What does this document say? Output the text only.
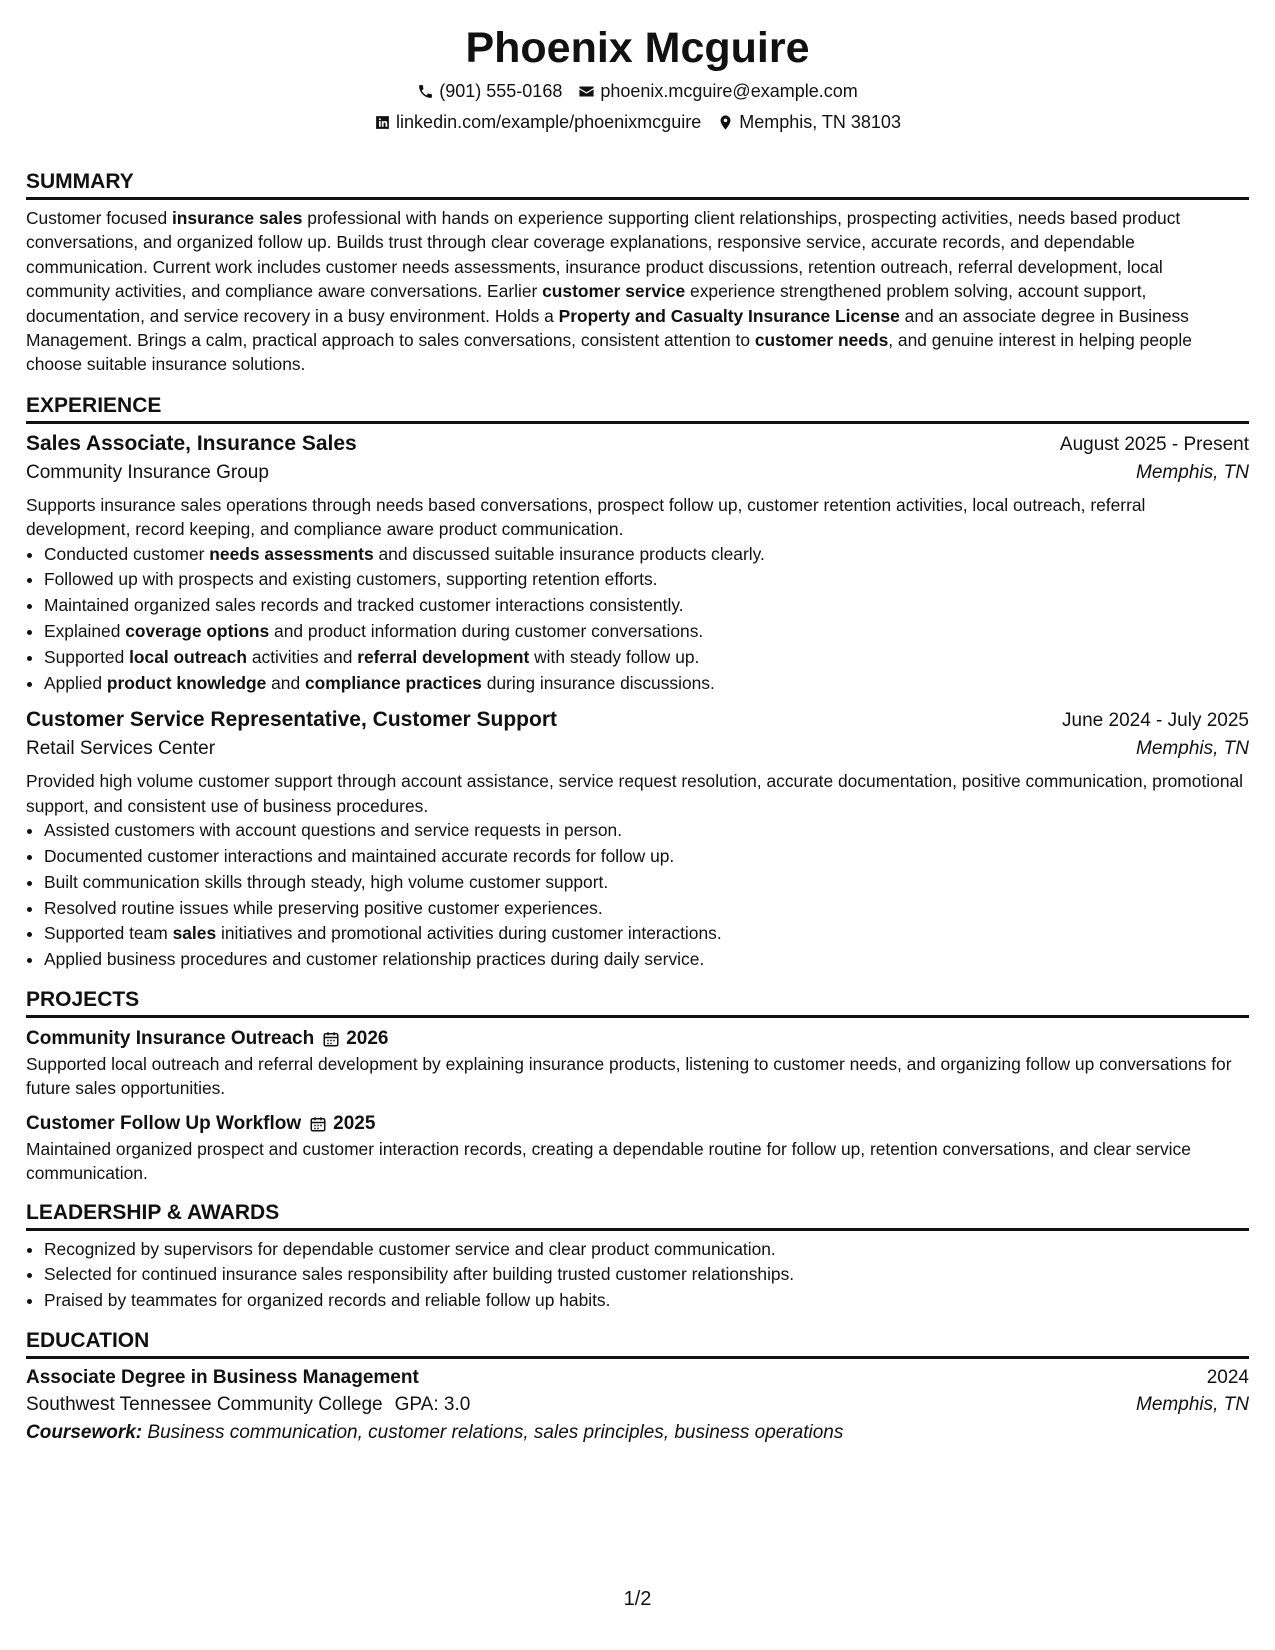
Phoenix Mcguire
(901) 555-0168 phoenix.mcguire@example.com
linkedin.com/example/phoenixmcguire Memphis, TN 38103
SUMMARY

Customer focused insurance sales professional with hands on experience supporting client relationships, prospecting activities, needs based product conversations, and organized follow up. Builds trust through clear coverage explanations, responsive service, accurate records, and dependable communication. Current work includes customer needs assessments, insurance product discussions, retention outreach, referral development, local community activities, and compliance aware conversations. Earlier customer service experience strengthened problem solving, account support, documentation, and service recovery in a busy environment. Holds a Property and Casualty Insurance License and an associate degree in Business Management. Brings a calm, practical approach to sales conversations, consistent attention to customer needs, and genuine interest in helping people choose suitable insurance solutions.

EXPERIENCE
Sales Associate, Insurance Sales	August 2025 - Present
Community Insurance Group	Memphis, TN

Supports insurance sales operations through needs based conversations, prospect follow up, customer retention activities, local outreach, referral development, record keeping, and compliance aware product communication.

• Conducted customer needs assessments and discussed suitable insurance products clearly.
• Followed up with prospects and existing customers, supporting retention efforts.
• Maintained organized sales records and tracked customer interactions consistently.
• Explained coverage options and product information during customer conversations.
• Supported local outreach activities and referral development with steady follow up.
• Applied product knowledge and compliance practices during insurance discussions.
Customer Service Representative, Customer Support	June 2024 - July 2025
Retail Services Center	Memphis, TN

Provided high volume customer support through account assistance, service request resolution, accurate documentation, positive communication, promotional support, and consistent use of business procedures.

• Assisted customers with account questions and service requests in person.
• Documented customer interactions and maintained accurate records for follow up.
• Built communication skills through steady, high volume customer support.
• Resolved routine issues while preserving positive customer experiences.
• Supported team sales initiatives and promotional activities during customer interactions.
• Applied business procedures and customer relationship practices during daily service.
PROJECTS
Community Insurance Outreach 2026

Supported local outreach and referral development by explaining insurance products, listening to customer needs, and organizing follow up conversations for future sales opportunities.

Customer Follow Up Workflow 2025

Maintained organized prospect and customer interaction records, creating a dependable routine for follow up, retention conversations, and clear service communication.

LEADERSHIP & AWARDS
• Recognized by supervisors for dependable customer service and clear product communication.
• Selected for continued insurance sales responsibility after building trusted customer relationships.
• Praised by teammates for organized records and reliable follow up habits.
EDUCATION
Associate Degree in Business Management	2024
Southwest Tennessee Community College GPA: 3.0	Memphis, TN
Coursework: Business communication, customer relations, sales principles, business operations
1/2
